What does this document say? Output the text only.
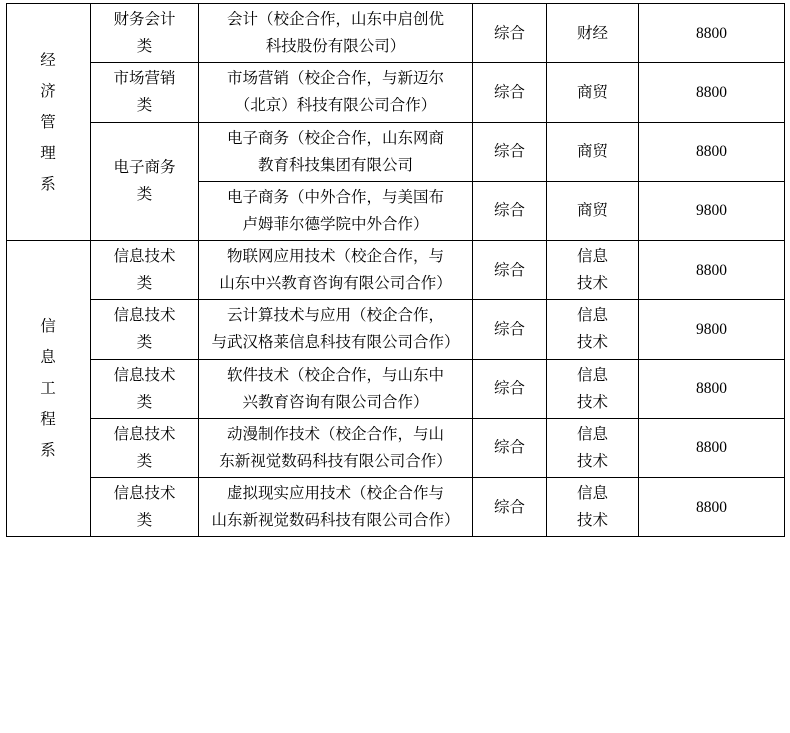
经
济
管
理
系	财务会计
类	会计（校企合作，山东中启创优
科技股份有限公司）	综合	财经	8800

	市场营销
类	市场营销（校企合作，与新迈尔
（北京）科技有限公司合作）	综合	商贸	8800

	电子商务
类	电子商务（校企合作，山东网商
教育科技集团有限公司	综合	商贸	8800

		电子商务（中外合作，与美国布
卢姆菲尔德学院中外合作）	综合	商贸	9800

信
息
工
程
系	信息技术
类	物联网应用技术（校企合作，与
山东中兴教育咨询有限公司合作）	综合	信息
技术	8800

	信息技术
类	云计算技术与应用（校企合作，
与武汉格莱信息科技有限公司合作）	综合	信息
技术	9800

	信息技术
类	软件技术（校企合作，与山东中
兴教育咨询有限公司合作）	综合	信息
技术	8800

	信息技术
类	动漫制作技术（校企合作，与山
东新视觉数码科技有限公司合作）	综合	信息
技术	8800

	信息技术
类	虚拟现实应用技术（校企合作与
山东新视觉数码科技有限公司合作）	综合	信息
技术	8800
